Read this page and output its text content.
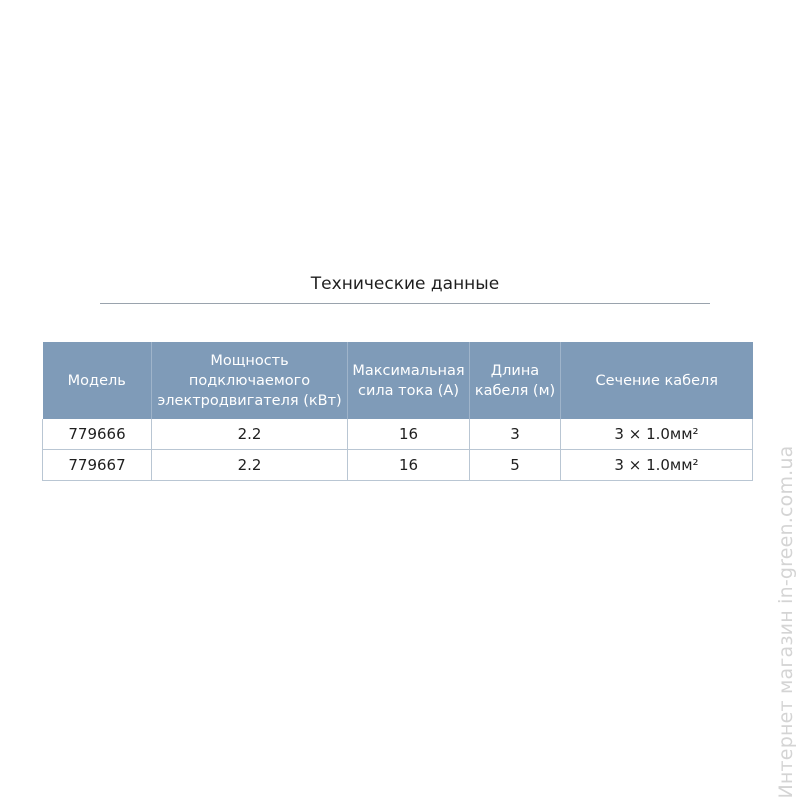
Технические данные
Модель	Мощность подключаемого электродвигателя (кВт)	Максимальная сила тока (А)	Длина кабеля (м)	Сечение кабеля
779666	2.2	16	3	3 × 1.0мм²
779667	2.2	16	5	3 × 1.0мм²	Интернет магазин in-green.com.ua
